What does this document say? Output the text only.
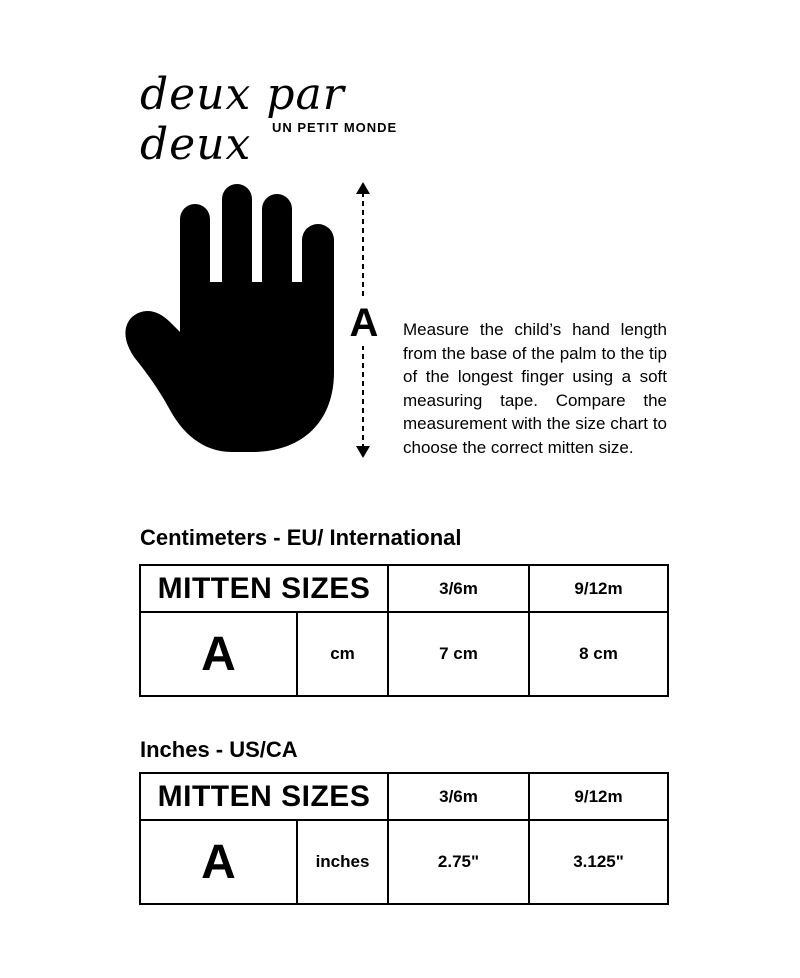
deux par deux	UN PETIT MONDE
A Measure the child’s hand length from the base of the palm to the tip of the longest finger using a soft measuring tape. Compare the measurement with the size chart to choose the correct mitten size.
Centimeters - EU/ International
MITTEN SIZES		3/6m	9/12m
A	cm	7 cm	8 cm
Inches - US/CA
MITTEN SIZES		3/6m	9/12m
A	inches	2.75"	3.125"
